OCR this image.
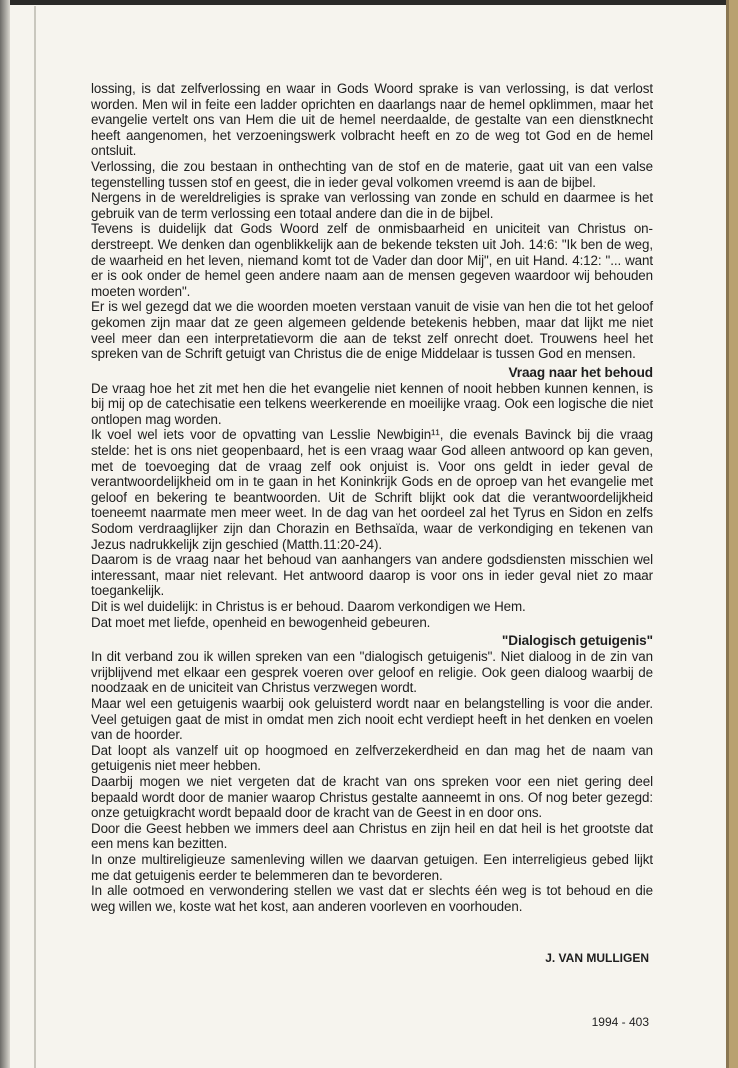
lossing, is dat zelfverlossing en waar in Gods Woord sprake is van verlossing, is dat verlost worden. Men wil in feite een ladder oprichten en daarlangs naar de hemel opklimmen, maar het evangelie vertelt ons van Hem die uit de hemel neerdaalde, de gestalte van een dienstknecht heeft aangenomen, het verzoeningswerk volbracht heeft en zo de weg tot God en de hemel ontsluit.

Verlossing, die zou bestaan in onthechting van de stof en de materie, gaat uit van een valse tegenstelling tussen stof en geest, die in ieder geval volkomen vreemd is aan de bijbel.

Nergens in de wereldreligies is sprake van verlossing van zonde en schuld en daarmee is het gebruik van de term verlossing een totaal andere dan die in de bijbel.

Tevens is duidelijk dat Gods Woord zelf de onmisbaarheid en uniciteit van Christus onderstreept. We denken dan ogenblikkelijk aan de bekende teksten uit Joh. 14:6: "Ik ben de weg, de waarheid en het leven, niemand komt tot de Vader dan door Mij", en uit Hand. 4:12: "... want er is ook onder de hemel geen andere naam aan de mensen gegeven waardoor wij behouden moeten worden".

Er is wel gezegd dat we die woorden moeten verstaan vanuit de visie van hen die tot het geloof gekomen zijn maar dat ze geen algemeen geldende betekenis hebben, maar dat lijkt me niet veel meer dan een interpretatievorm die aan de tekst zelf onrecht doet. Trouwens heel het spreken van de Schrift getuigt van Christus die de enige Middelaar is tussen God en mensen.

Vraag naar het behoud

De vraag hoe het zit met hen die het evangelie niet kennen of nooit hebben kunnen kennen, is bij mij op de catechisatie een telkens weerkerende en moeilijke vraag. Ook een logische die niet ontlopen mag worden.

Ik voel wel iets voor de opvatting van Lesslie Newbigin¹¹, die evenals Bavinck bij die vraag stelde: het is ons niet geopenbaard, het is een vraag waar God alleen antwoord op kan geven, met de toevoeging dat de vraag zelf ook onjuist is. Voor ons geldt in ieder geval de verantwoordelijkheid om in te gaan in het Koninkrijk Gods en de oproep van het evangelie met geloof en bekering te beantwoorden. Uit de Schrift blijkt ook dat die verantwoordelijkheid toeneemt naarmate men meer weet. In de dag van het oordeel zal het Tyrus en Sidon en zelfs Sodom verdraaglijker zijn dan Chorazin en Bethsaïda, waar de verkondiging en tekenen van Jezus nadrukkelijk zijn geschied (Matth.11:20-24).

Daarom is de vraag naar het behoud van aanhangers van andere godsdiensten misschien wel interessant, maar niet relevant. Het antwoord daarop is voor ons in ieder geval niet zo maar toegankelijk.

Dit is wel duidelijk: in Christus is er behoud. Daarom verkondigen we Hem.

Dat moet met liefde, openheid en bewogenheid gebeuren.

"Dialogisch getuigenis"

In dit verband zou ik willen spreken van een "dialogisch getuigenis". Niet dialoog in de zin van vrijblijvend met elkaar een gesprek voeren over geloof en religie. Ook geen dialoog waarbij de noodzaak en de uniciteit van Christus verzwegen wordt.

Maar wel een getuigenis waarbij ook geluisterd wordt naar en belangstelling is voor die ander. Veel getuigen gaat de mist in omdat men zich nooit echt verdiept heeft in het denken en voelen van de hoorder.

Dat loopt als vanzelf uit op hoogmoed en zelfverzekerdheid en dan mag het de naam van getuigenis niet meer hebben.

Daarbij mogen we niet vergeten dat de kracht van ons spreken voor een niet gering deel bepaald wordt door de manier waarop Christus gestalte aanneemt in ons. Of nog beter gezegd: onze getuigkracht wordt bepaald door de kracht van de Geest in en door ons.

Door die Geest hebben we immers deel aan Christus en zijn heil en dat heil is het grootste dat een mens kan bezitten.

In onze multireligieuze samenleving willen we daarvan getuigen. Een interreligieus gebed lijkt me dat getuigenis eerder te belemmeren dan te bevorderen.

In alle ootmoed en verwondering stellen we vast dat er slechts één weg is tot behoud en die weg willen we, koste wat het kost, aan anderen voorleven en voorhouden.

J. VAN MULLIGEN
1994 - 403
